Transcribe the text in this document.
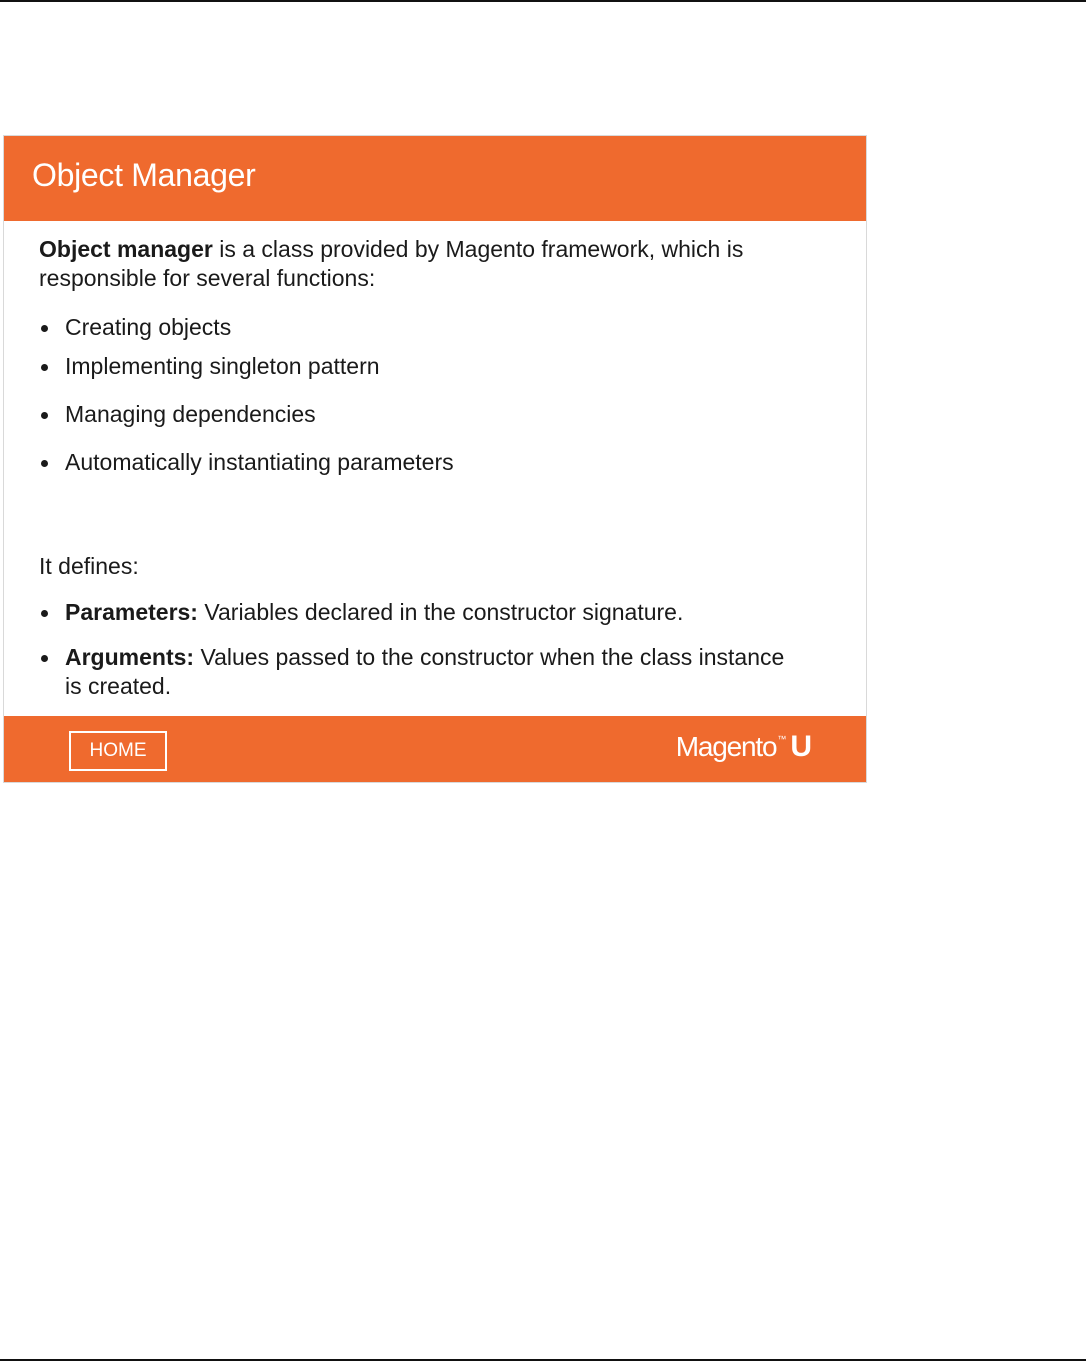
Object Manager

Object manager is a class provided by Magento framework, which is responsible for several functions:

Creating objects
Implementing singleton pattern
Managing dependencies
Automatically instantiating parameters

It defines:

Parameters: Variables declared in the constructor signature.
Arguments: Values passed to the constructor when the class instance is created.
HOME	Magento™ U
